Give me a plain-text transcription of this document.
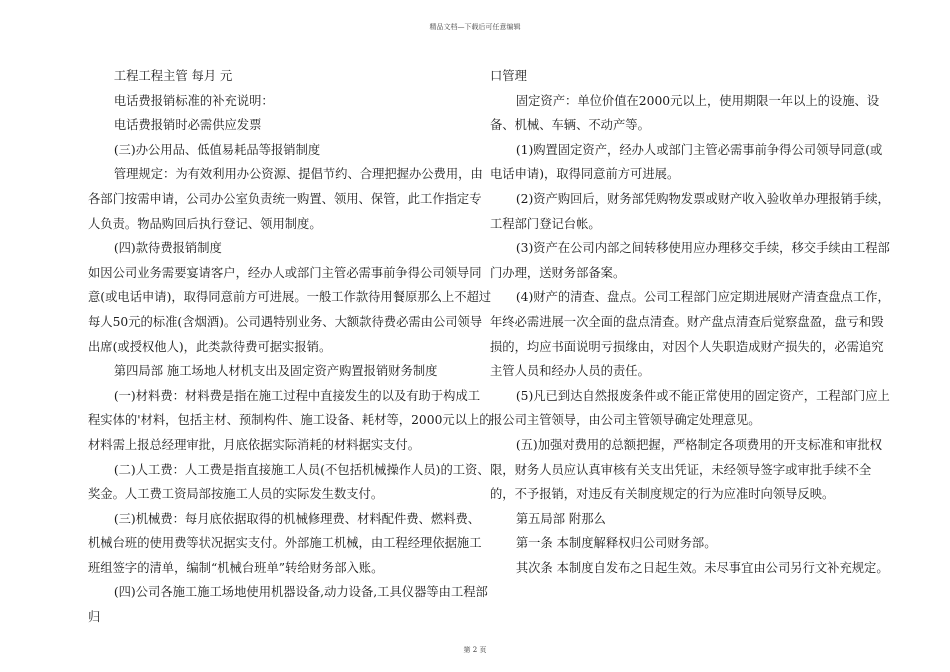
精品文档—下载后可任意编辑

工程工程主管 每月 元

电话费报销标准的补充说明：

电话费报销时必需供应发票

(三)办公用品、低值易耗品等报销制度

管理规定：为有效利用办公资源、提倡节约、合理把握办公费用，由各部门按需申请，公司办公室负责统一购置、领用、保管，此工作指定专人负责。物品购回后执行登记、领用制度。

(四)款待费报销制度

如因公司业务需要宴请客户，经办人或部门主管必需事前争得公司领导同意(或电话申请)，取得同意前方可进展。一般工作款待用餐原那么上不超过每人50元的标准(含烟酒)。公司遇特别业务、大额款待费必需由公司领导出席(或授权他人)，此类款待费可据实报销。

第四局部 施工场地人材机支出及固定资产购置报销财务制度

(一)材料费：材料费是指在施工过程中直接发生的以及有助于构成工程实体的'材料，包括主材、预制构件、施工设备、耗材等，2000元以上的材料需上报总经理审批，月底依据实际消耗的材料据实支付。

(二)人工费：人工费是指直接施工人员(不包括机械操作人员)的工资、奖金。人工费工资局部按施工人员的实际发生数支付。

(三)机械费：每月底依据取得的机械修理费、材料配件费、燃料费、机械台班的使用费等状况据实支付。外部施工机械，由工程经理依据施工班组签字的清单，编制“机械台班单”转给财务部入账。

(四)公司各施工施工场地使用机器设备,动力设备,工具仪器等由工程部归

口管理

固定资产：单位价值在2000元以上，使用期限一年以上的设施、设备、机械、车辆、不动产等。

(1)购置固定资产，经办人或部门主管必需事前争得公司领导同意(或电话申请)，取得同意前方可进展。

(2)资产购回后，财务部凭购物发票或财产收入验收单办理报销手续，工程部门登记台帐。

(3)资产在公司内部之间转移使用应办理移交手续，移交手续由工程部门办理，送财务部备案。

(4)财产的清查、盘点。公司工程部门应定期进展财产清查盘点工作，年终必需进展一次全面的盘点清查。财产盘点清查后觉察盘盈，盘亏和毁损的，均应书面说明亏损缘由，对因个人失职造成财产损失的，必需追究主管人员和经办人员的责任。

(5)凡已到达自然报废条件或不能正常使用的固定资产，工程部门应上报公司主管领导，由公司主管领导确定处理意见。

(五)加强对费用的总额把握，严格制定各项费用的开支标准和审批权限，财务人员应认真审核有关支出凭证，未经领导签字或审批手续不全的，不予报销，对违反有关制度规定的行为应准时向领导反映。

第五局部 附那么

第一条 本制度解释权归公司财务部。

其次条 本制度自发布之日起生效。未尽事宜由公司另行文补充规定。

第 2 页
